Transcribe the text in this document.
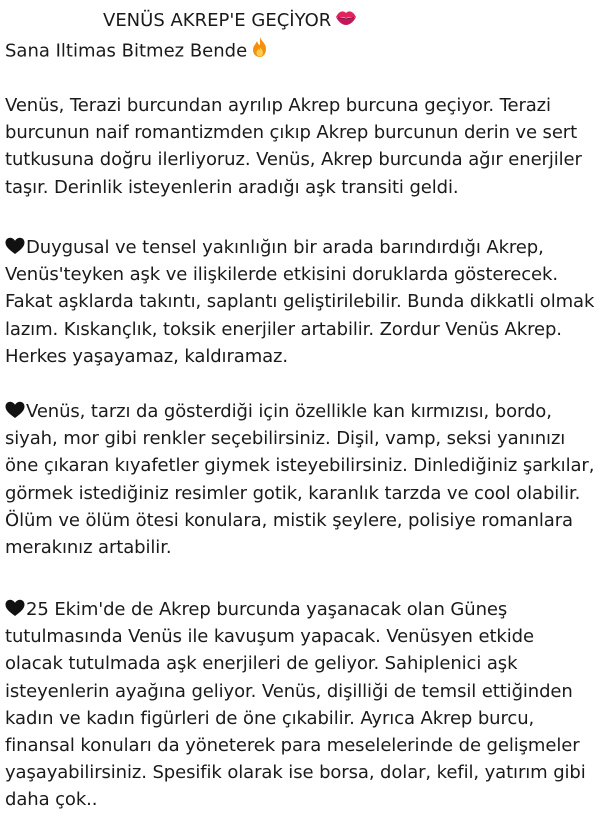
VENÜS AKREP'E GEÇİYOR
Sana Iltimas Bitmez Bende
Venüs, Terazi burcundan ayrılıp Akrep burcuna geçiyor. Terazi burcunun naif romantizmden çıkıp Akrep burcunun derin ve sert tutkusuna doğru ilerliyoruz. Venüs, Akrep burcunda ağır enerjiler taşır. Derinlik isteyenlerin aradığı aşk transiti geldi.
Duygusal ve tensel yakınlığın bir arada barındırdığı Akrep, Venüs'teyken aşk ve ilişkilerde etkisini doruklarda gösterecek. Fakat aşklarda takıntı, saplantı geliştirilebilir. Bunda dikkatli olmak lazım. Kıskançlık, toksik enerjiler artabilir. Zordur Venüs Akrep. Herkes yaşayamaz, kaldıramaz.
Venüs, tarzı da gösterdiği için özellikle kan kırmızısı, bordo, siyah, mor gibi renkler seçebilirsiniz. Dişil, vamp, seksi yanınızı öne çıkaran kıyafetler giymek isteyebilirsiniz. Dinlediğiniz şarkılar, görmek istediğiniz resimler gotik, karanlık tarzda ve cool olabilir. Ölüm ve ölüm ötesi konulara, mistik şeylere, polisiye romanlara merakınız artabilir.
25 Ekim'de de Akrep burcunda yaşanacak olan Güneş tutulmasında Venüs ile kavuşum yapacak. Venüsyen etkide olacak tutulmada aşk enerjileri de geliyor. Sahiplenici aşk isteyenlerin ayağına geliyor. Venüs, dişilliği de temsil ettiğinden kadın ve kadın figürleri de öne çıkabilir. Ayrıca Akrep burcu, finansal konuları da yöneterek para meselelerinde de gelişmeler yaşayabilirsiniz. Spesifik olarak ise borsa, dolar, kefil, yatırım gibi daha çok..
